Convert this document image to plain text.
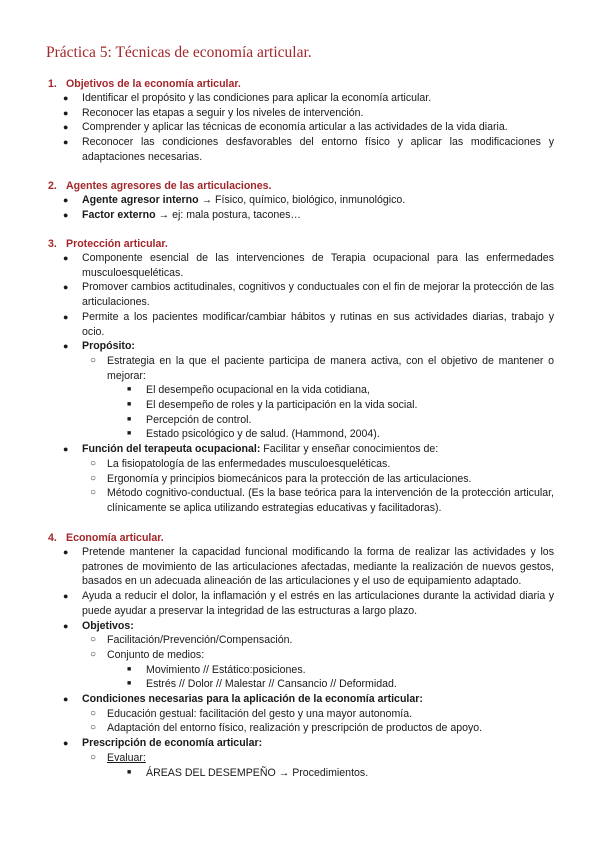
Práctica 5: Técnicas de economía articular.
1. Objetivos de la economía articular.
● Identificar el propósito y las condiciones para aplicar la economía articular.
● Reconocer las etapas a seguir y los niveles de intervención.
● Comprender y aplicar las técnicas de economía articular a las actividades de la vida diaria.
● Reconocer las condiciones desfavorables del entorno físico y aplicar las modificaciones y adaptaciones necesarias.
2. Agentes agresores de las articulaciones.
● Agente agresor interno → Físico, químico, biológico, inmunológico.
● Factor externo → ej: mala postura, tacones…
3. Protección articular.
● Componente esencial de las intervenciones de Terapia ocupacional para las enfermedades musculoesqueléticas.
● Promover cambios actitudinales, cognitivos y conductuales con el fin de mejorar la protección de las articulaciones.
● Permite a los pacientes modificar/cambiar hábitos y rutinas en sus actividades diarias, trabajo y ocio.
● Propósito:
○ Estrategia en la que el paciente participa de manera activa, con el objetivo de mantener o mejorar:
■ El desempeño ocupacional en la vida cotidiana,
■ El desempeño de roles y la participación en la vida social.
■ Percepción de control.
■ Estado psicológico y de salud. (Hammond, 2004).
● Función del terapeuta ocupacional: Facilitar y enseñar conocimientos de:
○ La fisiopatología de las enfermedades musculoesqueléticas.
○ Ergonomía y principios biomecánicos para la protección de las articulaciones.
○ Método cognitivo-conductual. (Es la base teórica para la intervención de la protección articular, clínicamente se aplica utilizando estrategias educativas y facilitadoras).
4. Economía articular.
● Pretende mantener la capacidad funcional modificando la forma de realizar las actividades y los patrones de movimiento de las articulaciones afectadas, mediante la realización de nuevos gestos, basados en un adecuada alineación de las articulaciones y el uso de equipamiento adaptado.
● Ayuda a reducir el dolor, la inflamación y el estrés en las articulaciones durante la actividad diaria y puede ayudar a preservar la integridad de las estructuras a largo plazo.
● Objetivos:
○ Facilitación/Prevención/Compensación.
○ Conjunto de medios:
■ Movimiento // Estático:posiciones.
■ Estrés // Dolor // Malestar // Cansancio // Deformidad.
● Condiciones necesarias para la aplicación de la economía articular:
○ Educación gestual: facilitación del gesto y una mayor autonomía.
○ Adaptación del entorno físico, realización y prescripción de productos de apoyo.
● Prescripción de economía articular:
○ Evaluar:
■ ÁREAS DEL DESEMPEÑO → Procedimientos.
